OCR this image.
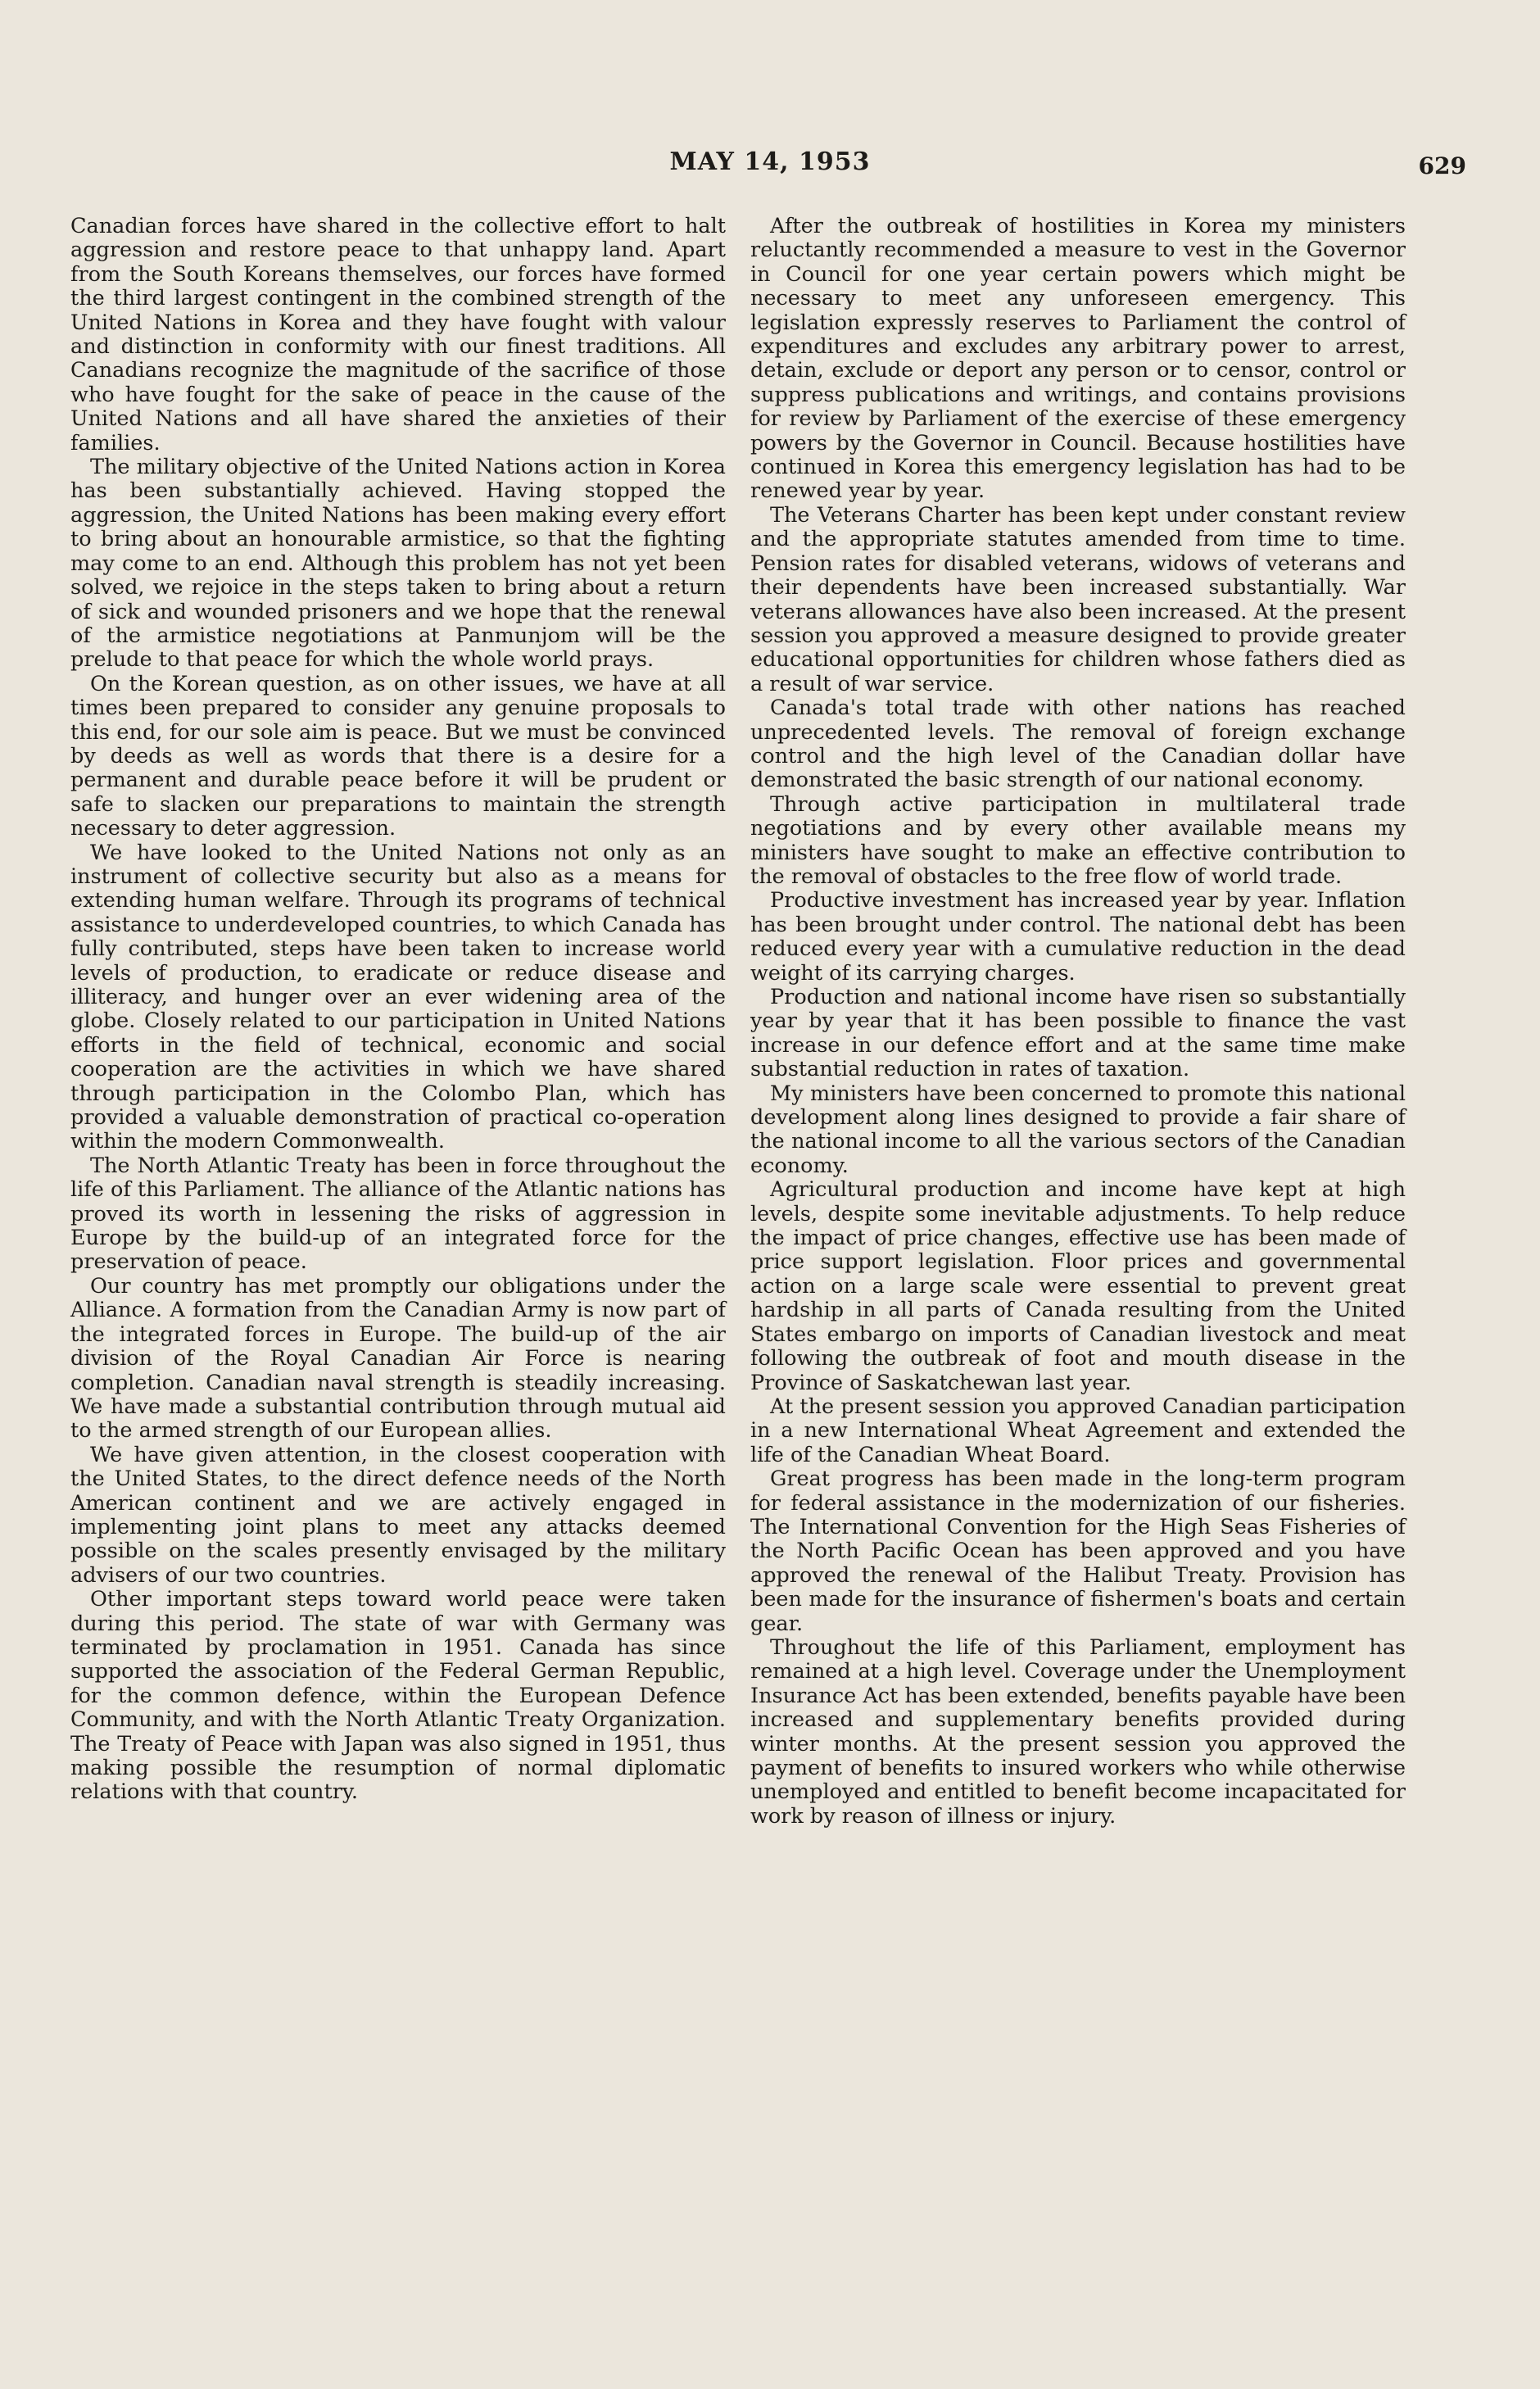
MAY 14, 1953	629

Canadian forces have shared in the collective effort to halt aggression and restore peace to that unhappy land. Apart from the South Koreans themselves, our forces have formed the third largest contingent in the combined strength of the United Nations in Korea and they have fought with valour and distinction in conformity with our finest traditions. All Canadians recognize the magnitude of the sacrifice of those who have fought for the sake of peace in the cause of the United Nations and all have shared the anxieties of their families.

The military objective of the United Nations action in Korea has been substantially achieved. Having stopped the aggression, the United Nations has been making every effort to bring about an honourable armistice, so that the fighting may come to an end. Although this problem has not yet been solved, we rejoice in the steps taken to bring about a return of sick and wounded prisoners and we hope that the renewal of the armistice negotiations at Panmunjom will be the prelude to that peace for which the whole world prays.

On the Korean question, as on other issues, we have at all times been prepared to consider any genuine proposals to this end, for our sole aim is peace. But we must be convinced by deeds as well as words that there is a desire for a permanent and durable peace before it will be prudent or safe to slacken our preparations to maintain the strength necessary to deter aggression.

We have looked to the United Nations not only as an instrument of collective security but also as a means for extending human welfare. Through its programs of technical assistance to underdeveloped countries, to which Canada has fully contributed, steps have been taken to increase world levels of production, to eradicate or reduce disease and illiteracy, and hunger over an ever widening area of the globe. Closely related to our participation in United Nations efforts in the field of technical, economic and social cooperation are the activities in which we have shared through participation in the Colombo Plan, which has provided a valuable demonstration of practical co-operation within the modern Commonwealth.

The North Atlantic Treaty has been in force throughout the life of this Parliament. The alliance of the Atlantic nations has proved its worth in lessening the risks of aggression in Europe by the build-up of an integrated force for the preservation of peace.

Our country has met promptly our obligations under the Alliance. A formation from the Canadian Army is now part of the integrated forces in Europe. The build-up of the air division of the Royal Canadian Air Force is nearing completion. Canadian naval strength is steadily increasing. We have made a substantial contribution through mutual aid to the armed strength of our European allies.

We have given attention, in the closest cooperation with the United States, to the direct defence needs of the North American continent and we are actively engaged in implementing joint plans to meet any attacks deemed possible on the scales presently envisaged by the military advisers of our two countries.

Other important steps toward world peace were taken during this period. The state of war with Germany was terminated by proclamation in 1951. Canada has since supported the association of the Federal German Republic, for the common defence, within the European Defence Community, and with the North Atlantic Treaty Organization. The Treaty of Peace with Japan was also signed in 1951, thus making possible the resumption of normal diplomatic relations with that country.

After the outbreak of hostilities in Korea my ministers reluctantly recommended a measure to vest in the Governor in Council for one year certain powers which might be necessary to meet any unforeseen emergency. This legislation expressly reserves to Parliament the control of expenditures and excludes any arbitrary power to arrest, detain, exclude or deport any person or to censor, control or suppress publications and writings, and contains provisions for review by Parliament of the exercise of these emergency powers by the Governor in Council. Because hostilities have continued in Korea this emergency legislation has had to be renewed year by year.

The Veterans Charter has been kept under constant review and the appropriate statutes amended from time to time. Pension rates for disabled veterans, widows of veterans and their dependents have been increased substantially. War veterans allowances have also been increased. At the present session you approved a measure designed to provide greater educational opportunities for children whose fathers died as a result of war service.

Canada's total trade with other nations has reached unprecedented levels. The removal of foreign exchange control and the high level of the Canadian dollar have demonstrated the basic strength of our national economy.

Through active participation in multilateral trade negotiations and by every other available means my ministers have sought to make an effective contribution to the removal of obstacles to the free flow of world trade.

Productive investment has increased year by year. Inflation has been brought under control. The national debt has been reduced every year with a cumulative reduction in the dead weight of its carrying charges.

Production and national income have risen so substantially year by year that it has been possible to finance the vast increase in our defence effort and at the same time make substantial reduction in rates of taxation.

My ministers have been concerned to promote this national development along lines designed to provide a fair share of the national income to all the various sectors of the Canadian economy.

Agricultural production and income have kept at high levels, despite some inevitable adjustments. To help reduce the impact of price changes, effective use has been made of price support legislation. Floor prices and governmental action on a large scale were essential to prevent great hardship in all parts of Canada resulting from the United States embargo on imports of Canadian livestock and meat following the outbreak of foot and mouth disease in the Province of Saskatchewan last year.

At the present session you approved Canadian participation in a new International Wheat Agreement and extended the life of the Canadian Wheat Board.

Great progress has been made in the long-term program for federal assistance in the modernization of our fisheries. The International Convention for the High Seas Fisheries of the North Pacific Ocean has been approved and you have approved the renewal of the Halibut Treaty. Provision has been made for the insurance of fishermen's boats and certain gear.

Throughout the life of this Parliament, employment has remained at a high level. Coverage under the Unemployment Insurance Act has been extended, benefits payable have been increased and supplementary benefits provided during winter months. At the present session you approved the payment of benefits to insured workers who while otherwise unemployed and entitled to benefit become incapacitated for work by reason of illness or injury.
